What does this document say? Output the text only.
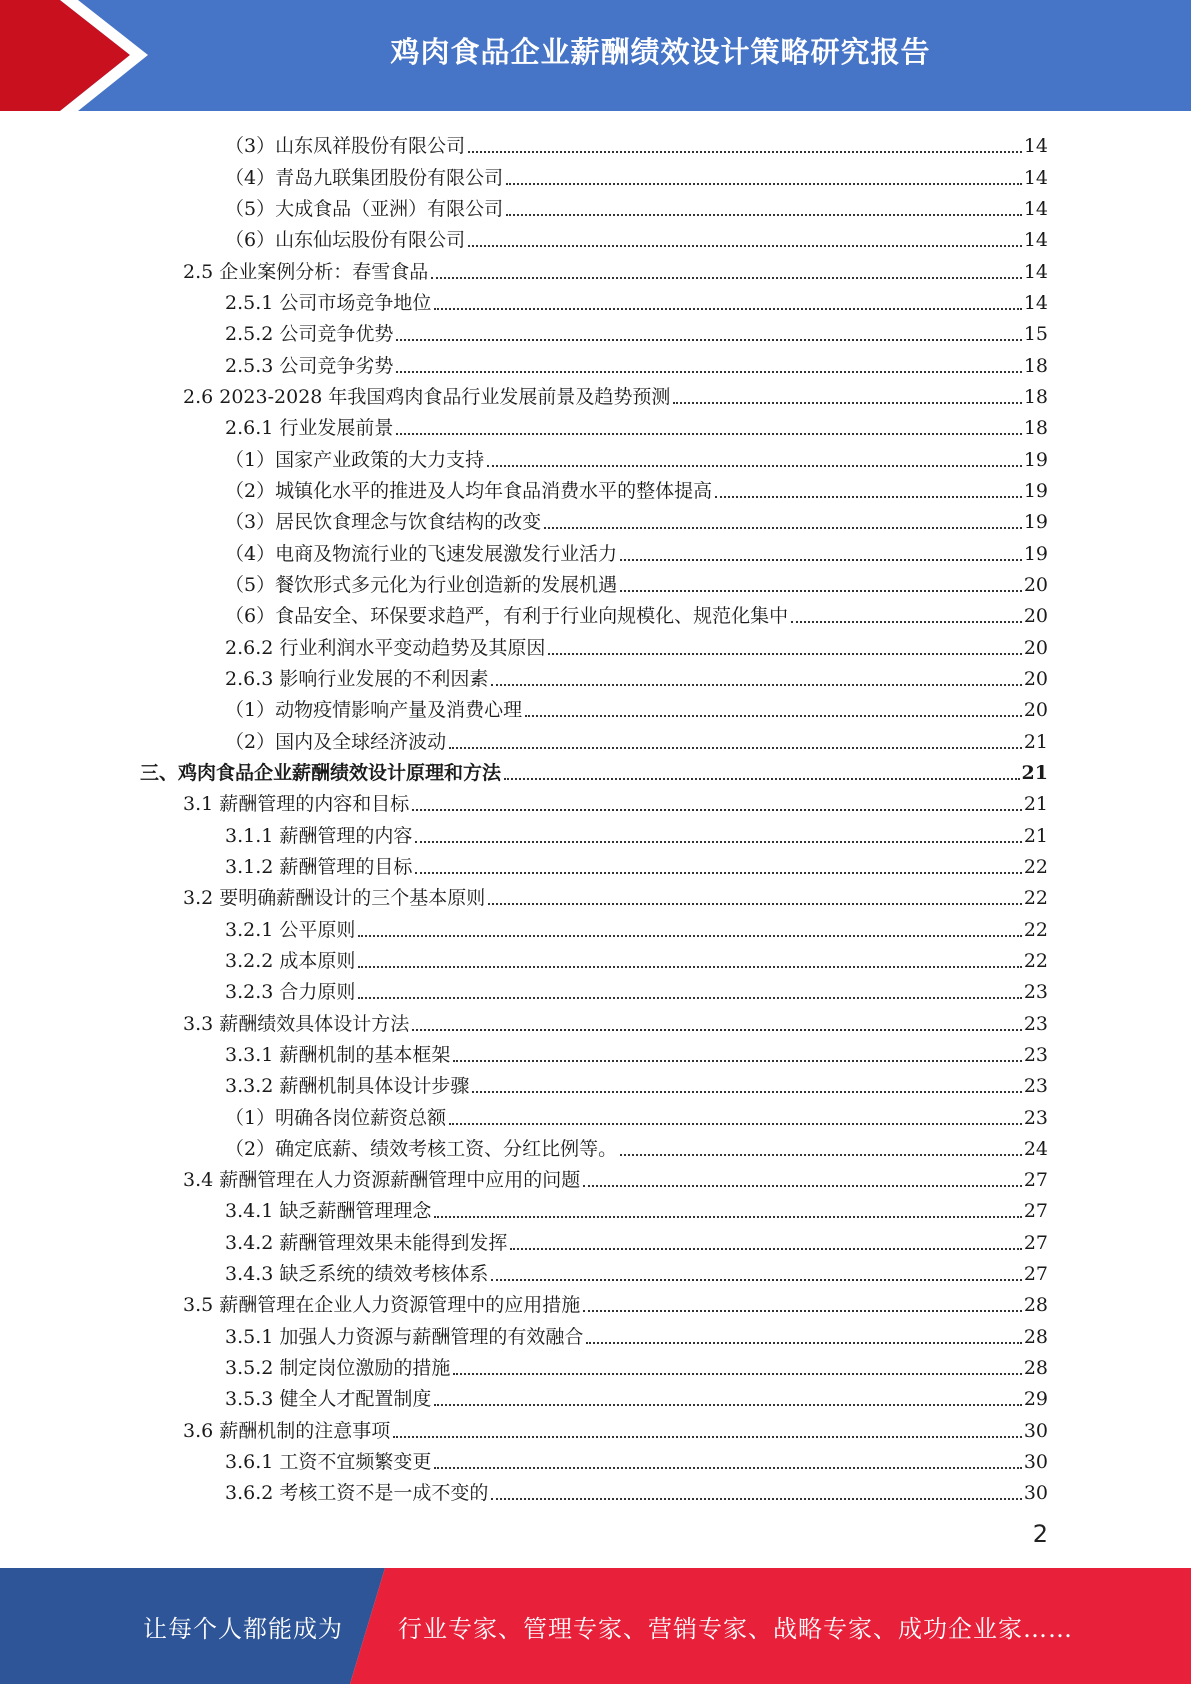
鸡肉食品企业薪酬绩效设计策略研究报告
（3）山东凤祥股份有限公司	14
（4）青岛九联集团股份有限公司	14
（5）大成食品（亚洲）有限公司	14
（6）山东仙坛股份有限公司	14
2.5 企业案例分析：春雪食品	14
2.5.1 公司市场竞争地位	14
2.5.2 公司竞争优势	15
2.5.3 公司竞争劣势	18
2.6 2023-2028 年我国鸡肉食品行业发展前景及趋势预测	18
2.6.1 行业发展前景	18
（1）国家产业政策的大力支持	19
（2）城镇化水平的推进及人均年食品消费水平的整体提高	19
（3）居民饮食理念与饮食结构的改变	19
（4）电商及物流行业的飞速发展激发行业活力	19
（5）餐饮形式多元化为行业创造新的发展机遇	20
（6）食品安全、环保要求趋严，有利于行业向规模化、规范化集中	20
2.6.2 行业利润水平变动趋势及其原因	20
2.6.3 影响行业发展的不利因素	20
（1）动物疫情影响产量及消费心理	20
（2）国内及全球经济波动	21
三、鸡肉食品企业薪酬绩效设计原理和方法	21
3.1 薪酬管理的内容和目标	21
3.1.1 薪酬管理的内容	21
3.1.2 薪酬管理的目标	22
3.2 要明确薪酬设计的三个基本原则	22
3.2.1 公平原则	22
3.2.2 成本原则	22
3.2.3 合力原则	23
3.3 薪酬绩效具体设计方法	23
3.3.1 薪酬机制的基本框架	23
3.3.2 薪酬机制具体设计步骤	23
（1）明确各岗位薪资总额	23
（2）确定底薪、绩效考核工资、分红比例等。	24
3.4 薪酬管理在人力资源薪酬管理中应用的问题	27
3.4.1 缺乏薪酬管理理念	27
3.4.2 薪酬管理效果未能得到发挥	27
3.4.3 缺乏系统的绩效考核体系	27
3.5 薪酬管理在企业人力资源管理中的应用措施	28
3.5.1 加强人力资源与薪酬管理的有效融合	28
3.5.2 制定岗位激励的措施	28
3.5.3 健全人才配置制度	29
3.6 薪酬机制的注意事项	30
3.6.1 工资不宜频繁变更	30
3.6.2 考核工资不是一成不变的	30
2
让每个人都能成为 行业专家、管理专家、营销专家、战略专家、成功企业家……
